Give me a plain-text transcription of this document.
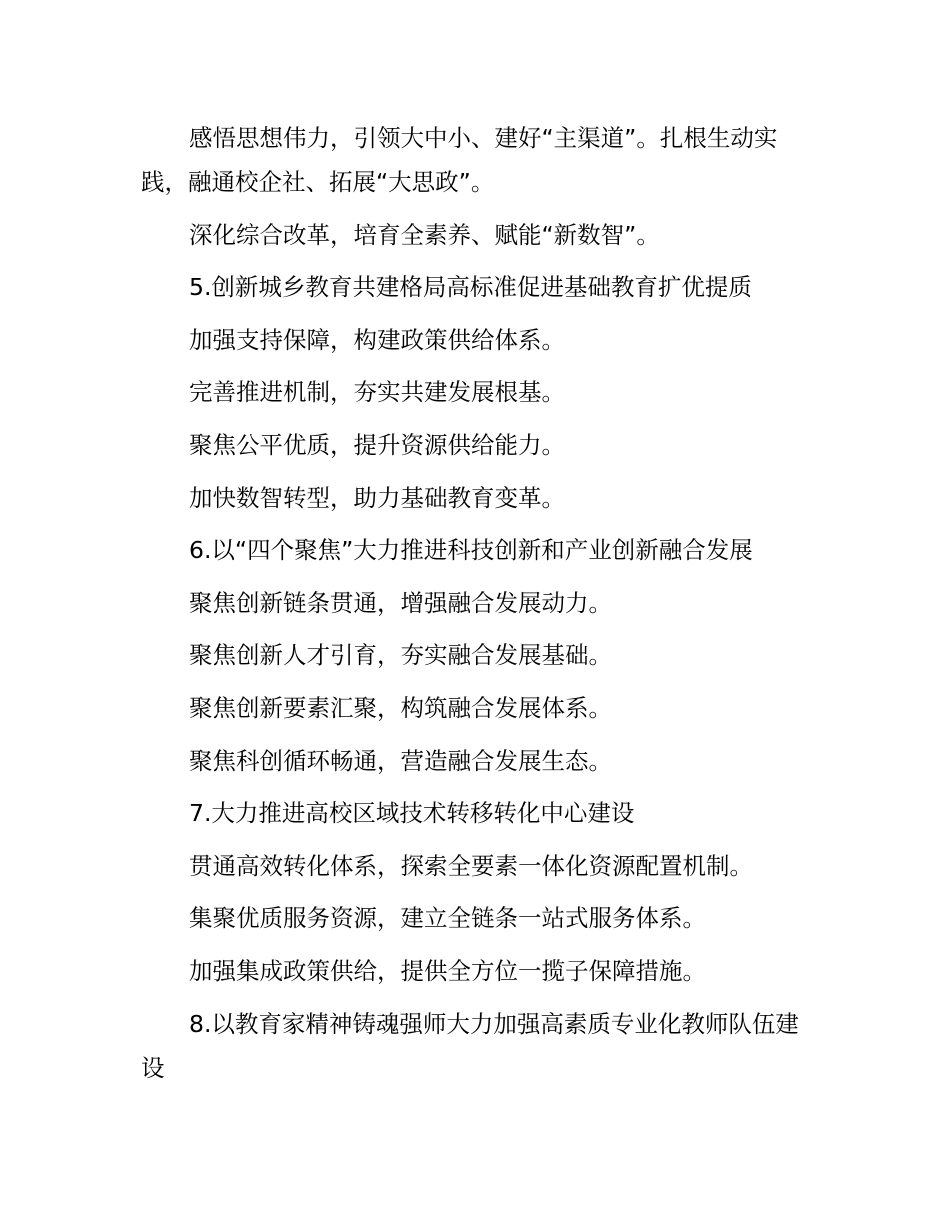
感悟思想伟力，引领大中小、建好“主渠道”。扎根生动实践，融通校企社、拓展“大思政”。

深化综合改革，培育全素养、赋能“新数智”。

5.创新城乡教育共建格局高标准促进基础教育扩优提质

加强支持保障，构建政策供给体系。

完善推进机制，夯实共建发展根基。

聚焦公平优质，提升资源供给能力。

加快数智转型，助力基础教育变革。

6.以“四个聚焦”大力推进科技创新和产业创新融合发展

聚焦创新链条贯通，增强融合发展动力。

聚焦创新人才引育，夯实融合发展基础。

聚焦创新要素汇聚，构筑融合发展体系。

聚焦科创循环畅通，营造融合发展生态。

7.大力推进高校区域技术转移转化中心建设

贯通高效转化体系，探索全要素一体化资源配置机制。

集聚优质服务资源，建立全链条一站式服务体系。

加强集成政策供给，提供全方位一揽子保障措施。

8.以教育家精神铸魂强师大力加强高素质专业化教师队伍建设
